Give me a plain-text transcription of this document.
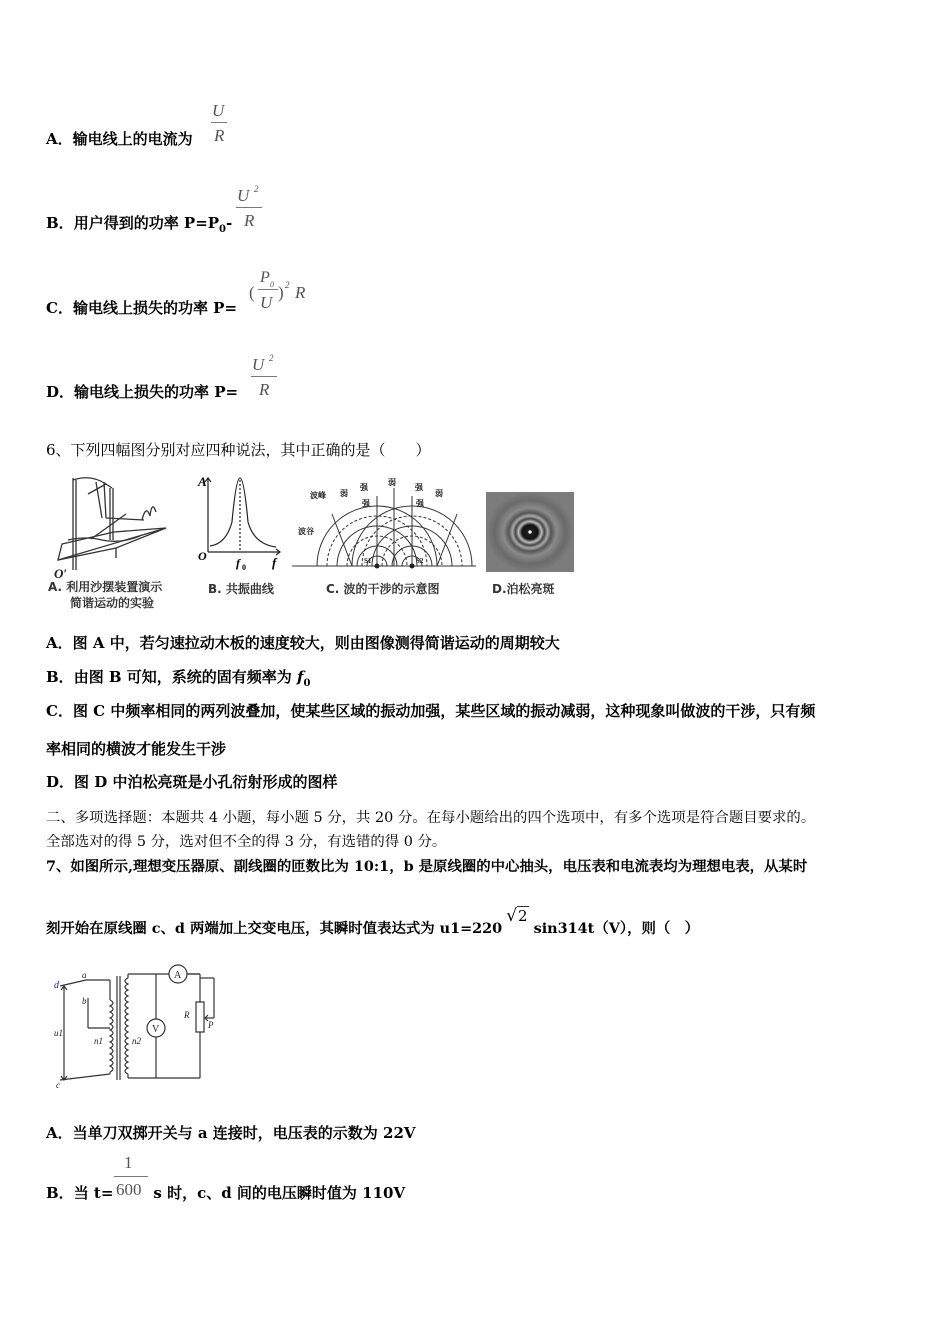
A．输电线上的电流为
U
R
B．用户得到的功率 $P=P_0-$
U 2
R
C．输电线上损失的功率 P=
(
P 0
U
) 2 R
D．输电线上损失的功率 P=
U 2
R
6、下列四幅图分别对应四种说法，其中正确的是（　　）
O′
A. 利用沙摆装置演示
简谐运动的实验
A
O f 0 f
B. 共振曲线
波峰
波谷
弱
强
弱
强
弱
强	强
S1	S2
C. 波的干涉的示意图	D.泊松亮斑
A．图 A 中，若匀速拉动木板的速度较大，则由图像测得简谐运动的周期较大
B．由图 B 可知，系统的固有频率为 $f_0$
C．图 C 中频率相同的两列波叠加，使某些区域的振动加强，某些区域的振动减弱，这种现象叫做波的干涉，只有频
率相同的横波才能发生干涉
D．图 D 中泊松亮斑是小孔衍射形成的图样
二、多项选择题：本题共 4 小题，每小题 5 分，共 20 分。在每小题给出的四个选项中，有多个选项是符合题目要求的。
全部选对的得 5 分，选对但不全的得 3 分，有选错的得 0 分。
7、如图所示,理想变压器原、副线圈的匝数比为 10:1，b 是原线圈的中心抽头，电压表和电流表均为理想电表，从某时
刻开始在原线圈 c、d 两端加上交变电压，其瞬时值表达式为 u1=220√2 sin314t（V），则（　）
d
a
b
u1
n1	n2
c
A
V
R
P
A．当单刀双掷开关与 a 连接时，电压表的示数为 22V
B．当 t=	s 时，c、d 间的电压瞬时值为 110V
1
600
